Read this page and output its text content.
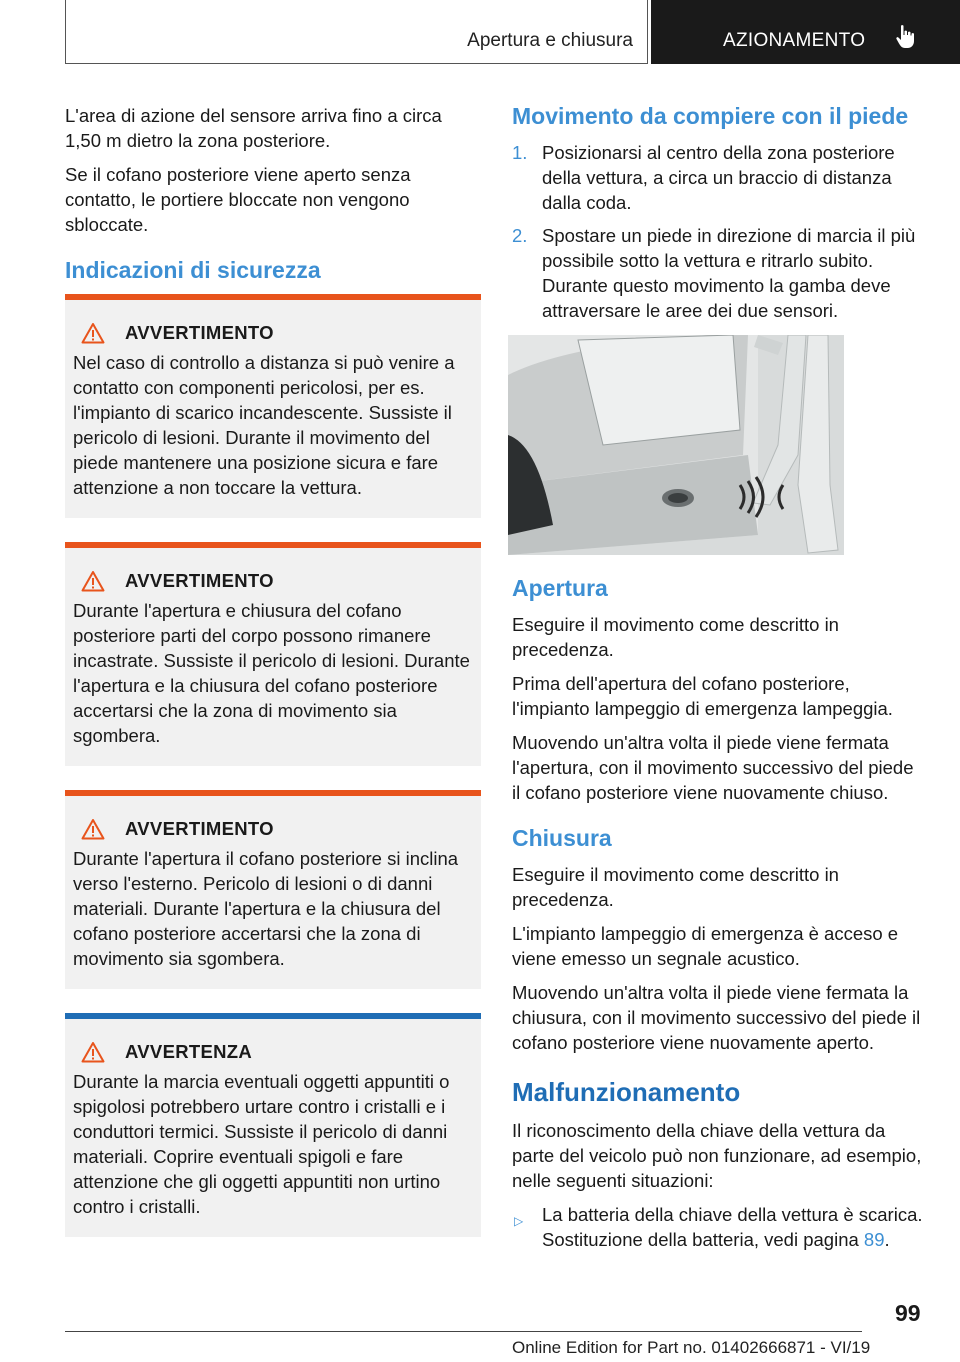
Apertura e chiusura	AZIONAMENTO

L'area di azione del sensore arriva fino a circa 1,50 m dietro la zona posteriore.

Se il cofano posteriore viene aperto senza contatto, le portiere bloccate non vengono sbloccate.

Indicazioni di sicurezza
AVVERTIMENTO

Nel caso di controllo a distanza si può venire a contatto con componenti pericolosi, per es. l'impianto di scarico incandescente. Sussiste il pericolo di lesioni. Durante il movimento del piede mantenere una posizione sicura e fare attenzione a non toccare la vettura.

AVVERTIMENTO

Durante l'apertura e chiusura del cofano posteriore parti del corpo possono rimanere incastrate. Sussiste il pericolo di lesioni. Durante l'apertura e la chiusura del cofano posteriore accertarsi che la zona di movimento sia sgombera.

AVVERTIMENTO

Durante l'apertura il cofano posteriore si inclina verso l'esterno. Pericolo di lesioni o di danni materiali. Durante l'apertura e la chiusura del cofano posteriore accertarsi che la zona di movimento sia sgombera.

AVVERTENZA

Durante la marcia eventuali oggetti appuntiti o spigolosi potrebbero urtare contro i cristalli e i conduttori termici. Sussiste il pericolo di danni materiali. Coprire eventuali spigoli e fare attenzione che gli oggetti appuntiti non urtino contro i cristalli.

Movimento da compiere con il piede
1. Posizionarsi al centro della zona posteriore della vettura, a circa un braccio di distanza dalla coda.
2. Spostare un piede in direzione di marcia il più possibile sotto la vettura e ritrarlo subito. Durante questo movimento la gamba deve attraversare le aree dei due sensori.
Apertura

Eseguire il movimento come descritto in precedenza.

Prima dell'apertura del cofano posteriore, l'impianto lampeggio di emergenza lampeggia.

Muovendo un'altra volta il piede viene fermata l'apertura, con il movimento successivo del piede il cofano posteriore viene nuovamente chiuso.

Chiusura

Eseguire il movimento come descritto in precedenza.

L'impianto lampeggio di emergenza è acceso e viene emesso un segnale acustico.

Muovendo un'altra volta il piede viene fermata la chiusura, con il movimento successivo del piede il cofano posteriore viene nuovamente aperto.

Malfunzionamento

Il riconoscimento della chiave della vettura da parte del veicolo può non funzionare, ad esempio, nelle seguenti situazioni:

▷ La batteria della chiave della vettura è scarica. Sostituzione della batteria, vedi pagina 89.
99
Online Edition for Part no. 01402666871 - VI/19
